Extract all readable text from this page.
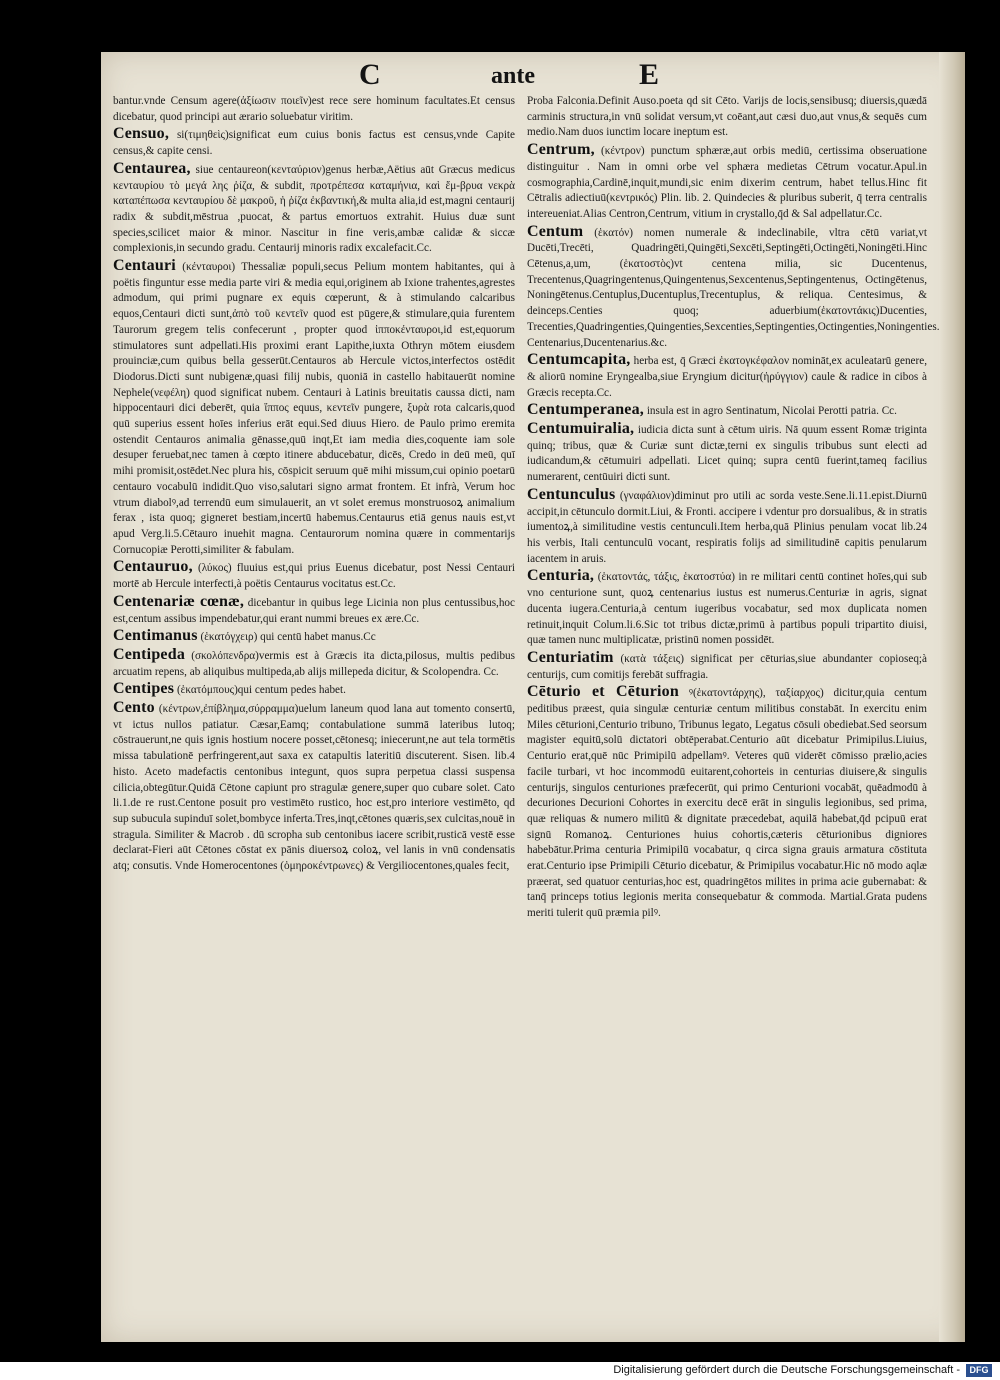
C	ante	E

bantur.vnde Censum agere(ἀξίωσιν ποιεῖν)est rece sere hominum facultates.Et census dicebatur, quod principi aut ærario soluebatur viritim.

Censuo, si(τιμηθεὶς)significat eum cuius bonis factus est census,vnde Capite census,& capite censi.

Centaurea, siue centaureon(κενταύριον)genus herbæ,Aëtius aūt Græcus medicus κενταυρίου τὸ μεγά λης ῥίζα, & subdit, προτρέπεσα καταμήνια, καὶ ἔμ-βρυα νεκρὰ καταπέπωσα κενταυρίου δὲ μακροῦ, ἡ ῥίζα ἐκβαντική,& multa alia,id est,magni centaurij radix & subdit,mēstrua ,puocat, & partus emortuos extrahit. Huius duæ sunt species,scilicet maior & minor. Nascitur in fine veris,ambæ calidæ & siccæ complexionis,in secundo gradu. Centaurij minoris radix excalefacit.Cc.

Centauri (κένταυροι) Thessaliæ populi,secus Pelium montem habitantes, qui à poëtis finguntur esse media parte viri & media equi,originem ab Ixione trahentes,agrestes admodum, qui primi pugnare ex equis cœperunt, & à stimulando calcaribus equos,Centauri dicti sunt,ἀπὸ τοῦ κεντεῖν quod est pūgere,& stimulare,quia furentem Taurorum gregem telis confecerunt , propter quod ἱπποκένταυροι,id est,equorum stimulatores sunt adpellati.His proximi erant Lapithe,iuxta Othryn mōtem eiusdem prouinciæ,cum quibus bella gesserūt.Centauros ab Hercule victos,interfectos ostēdit Diodorus.Dicti sunt nubigenæ,quasi filij nubis, quoniā in castello habitauerūt nomine Nephele(νεφέλη) quod significat nubem. Centauri à Latinis breuitatis caussa dicti, nam hippocentauri dici deberēt, quia ἵππος equus, κεντεῖν pungere, ξυρὰ rota calcaris,quod quū superius essent hoīes inferius erāt equi.Sed diuus Hiero. de Paulo primo eremita ostendit Centauros animalia gēnasse,quū inqt,Et iam media dies,coquente iam sole desuper feruebat,nec tamen à cœpto itinere abducebatur, dicēs, Credo in deū meū, quī mihi promisit,ostēdet.Nec plura his, cōspicit seruum quē mihi missum,cui opinio poetarū centauro vocabulū indidit.Quo viso,salutari signo armat frontem. Et infrà, Verum hoc vtrum diabolꝰ,ad terrendū eum simulauerit, an vt solet eremus monstruosoꝝ animalium ferax , ista quoq; gigneret bestiam,incertū habemus.Centaurus etiā genus nauis est,vt apud Verg.li.5.Cētauro inuehit magna. Centaurorum nomina quære in commentarijs Cornucopiæ Perotti,similiter & fabulam.

Centauruo, (λύκος) fluuius est,qui prius Euenus dicebatur, post Nessi Centauri mortē ab Hercule interfecti,à poëtis Centaurus vocitatus est.Cc.

Centenariæ cœnæ, dicebantur in quibus lege Licinia non plus centussibus,hoc est,centum assibus impendebatur,qui erant nummi breues ex ære.Cc.

Centimanus (ἑκατόγχειρ) qui centū habet manus.Cc

Centipeda (σκολόπενδρα)vermis est à Græcis ita dicta,pilosus, multis pedibus arcuatim repens, ab aliquibus multipeda,ab alijs millepeda dicitur, & Scolopendra. Cc.

Centipes (ἑκατόμπους)qui centum pedes habet.

Cento (κέντρων,ἐπίβλημα,σύρραμμα)uelum laneum quod lana aut tomento consertū, vt ictus nullos patiatur. Cæsar,Eamq; contabulatione summā lateribus lutoq; cōstrauerunt,ne quis ignis hostium nocere posset,cētonesq; iniecerunt,ne aut tela tormētis missa tabulationē perfringerent,aut saxa ex catapultis lateritiū discuterent. Sisen. lib.4 histo. Aceto madefactis centonibus integunt, quos supra perpetua classi suspensa cilicia,obtegūtur.Quidā Cētone capiunt pro stragulæ genere,super quo cubare solet. Cato li.1.de re rust.Centone posuit pro vestimēto rustico, hoc est,pro interiore vestimēto, qd sup subucula supinduī solet,bombyce inferta.Tres,inqt,cētones quæris,sex culcitas,nouē in stragula. Similiter & Macrob . dū scropha sub centonibus iacere scribit,rusticā vestē esse declarat-Fieri aūt Cētones cōstat ex pānis diuersoꝝ coloꝝ, vel lanis in vnū condensatis atq; consutis. Vnde Homerocentones (ὁμηροκέντρωνες) & Vergiliocentones,quales fecit,

Proba Falconia.Definit Auso.poeta qd sit Cēto. Varijs de locis,sensibusq; diuersis,quædā carminis structura,in vnū solidat versum,vt coēant,aut cæsi duo,aut vnus,& sequēs cum medio.Nam duos iunctim locare ineptum est.

Centrum, (κέντρον) punctum sphæræ,aut orbis mediū, certissima obseruatione distinguitur . Nam in omni orbe vel sphæra medietas Cētrum vocatur.Apul.in cosmographia,Cardinē,inquit,mundi,sic enim dixerim centrum, habet tellus.Hinc fit Cētralis adiectiuū(κεντρικός) Plin. lib. 2. Quindecies & pluribus suberit, q̄ terra centralis intereueniat.Alias Centron,Centrum, vitium in crystallo,q̄d & Sal adpellatur.Cc.

Centum (ἑκατόν) nomen numerale & indeclinabile, vltra cētū variat,vt Ducēti,Trecēti, Quadringēti,Quingēti,Sexcēti,Septingēti,Octingēti,Noningēti.Hinc Cētenus,a,um, (ἑκατοστὸς)vt centena milia, sic Ducentenus, Trecentenus,Quagringentenus,Quingentenus,Sexcentenus,Septingentenus, Octingētenus, Noningētenus.Centuplus,Ducentuplus,Trecentuplus, & reliqua. Centesimus, & deinceps.Centies quoq; aduerbium(ἑκατοντάκις)Ducenties, Trecenties,Quadringenties,Quingenties,Sexcenties,Septingenties,Octingenties,Noningenties. Centenarius,Ducentenarius.&c.

Centumcapita, herba est, q̄ Græci ἑκατογκέφαλον nomināt,ex aculeatarū genere, & aliorū nomine Eryngealba,siue Eryngium dicitur(ἠρύγγιον) caule & radice in cibos à Græcis recepta.Cc.

Centumperanea, insula est in agro Sentinatum, Nicolai Perotti patria. Cc.

Centumuiralia, iudicia dicta sunt à cētum uiris. Nā quum essent Romæ triginta quinq; tribus, quæ & Curiæ sunt dictæ,terni ex singulis tribubus sunt electi ad iudicandum,& cētumuiri adpellati. Licet quinq; supra centū fuerint,tameq facilius numerarent, centūuiri dicti sunt.

Centunculus (γναφάλιον)diminut pro utili ac sorda veste.Sene.li.11.epist.Diurnū accipit,in cētunculo dormit.Liui, & Fronti. accipere i vdentur pro dorsualibus, & in stratis iumentoꝝ,à similitudine vestis centunculi.Item herba,quā Plinius penulam vocat lib.24 his verbis, Itali centunculū vocant, respiratis folijs ad similitudinē capitis penularum iacentem in aruis.

Centuria, (ἑκατοντάς, τάξις, ἑκατοστύα) in re militari centū continet hoīes,qui sub vno centurione sunt, quoꝝ centenarius iustus est numerus.Centuriæ in agris, signat ducenta iugera.Centuria,à centum iugeribus vocabatur, sed mox duplicata nomen retinuit,inquit Colum.li.6.Sic tot tribus dictæ,primū à partibus populi tripartito diuisi, quæ tamen nunc multiplicatæ, pristinū nomen possidēt.

Centuriatim (κατὰ τάξεις) significat per cēturias,siue abundanter copioseq;à centurijs, cum comitijs ferebāt suffragia.

Cēturio et Cēturion ꝰ(ἑκατοντάρχης), ταξίαρχος) dicitur,quia centum peditibus præest, quia singulæ centuriæ centum militibus constabāt. In exercitu enim Miles cēturioni,Centurio tribuno, Tribunus legato, Legatus cōsuli obediebat.Sed seorsum magister equitū,solū dictatori obtēperabat.Centurio aūt dicebatur Primipilus.Liuius, Centurio erat,quē nūc Primipilū adpellamꝰ. Veteres quū viderēt cōmisso prælio,acies facile turbari, vt hoc incommodū euitarent,cohorteis in centurias diuisere,& singulis centurijs, singulos centuriones præfecerūt, qui primo Centurioni vocabāt, quēadmodū à decuriones Decurioni Cohortes in exercitu decē erāt in singulis legionibus, sed prima, quæ reliquas & numero militū & dignitate præcedebat, aquilā habebat,q̄d pcipuū erat signū Romanoꝝ. Centuriones huius cohortis,cæteris cēturionibus digniores habebātur.Prima centuria Primipilū vocabatur, q circa signa grauis armatura cōstituta erat.Centurio ipse Primipili Cēturio dicebatur, & Primipilus vocabatur.Hic nō modo aqlæ præerat, sed quatuor centurias,hoc est, quadringētos milites in prima acie gubernabat: & tanq̄ princeps totius legionis merita consequebatur & commoda. Martial.Grata pudens meriti tulerit quū præmia pilꝰ.

Digitalisierung gefördert durch die Deutsche Forschungsgemeinschaft -	DFG
